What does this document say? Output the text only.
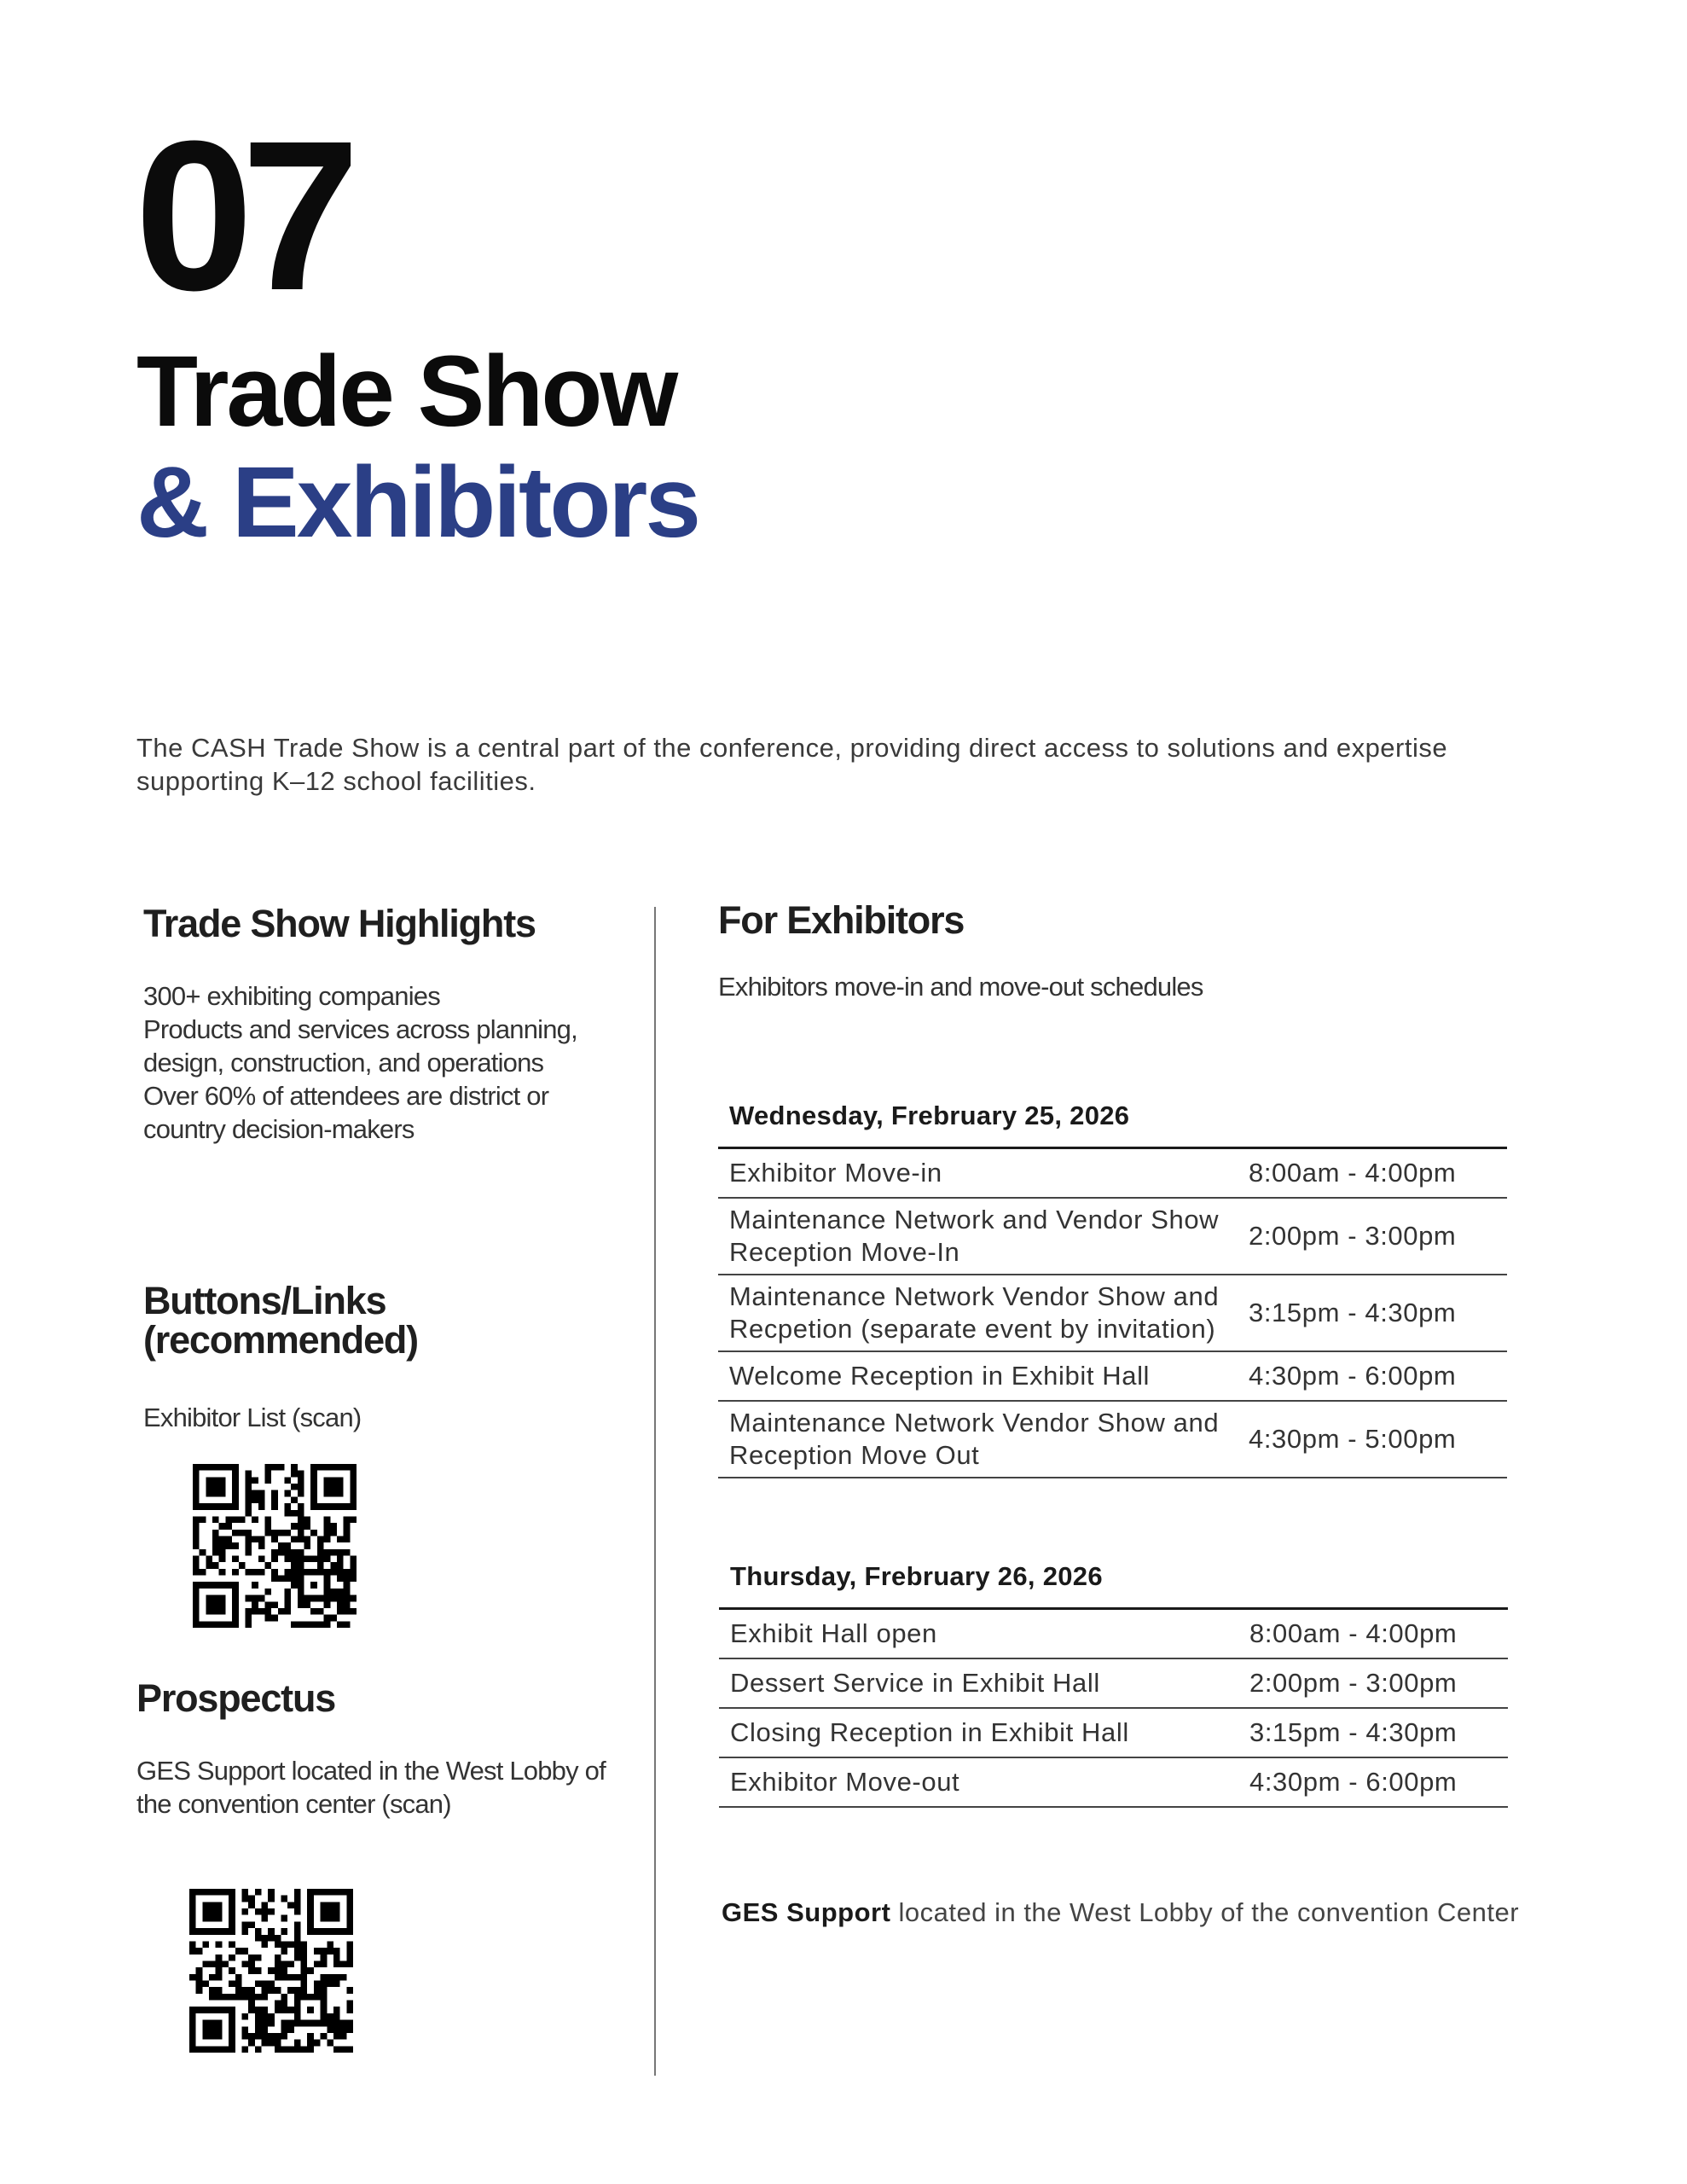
07
Trade Show
& Exhibitors
The CASH Trade Show is a central part of the conference, providing direct access to solutions and expertise supporting K–12 school facilities.
Trade Show Highlights
300+ exhibiting companies
Products and services across planning, design, construction, and operations
Over 60% of attendees are district or country decision-makers
Buttons/Links (recommended)
Exhibitor List (scan)
Prospectus
GES Support located in the West Lobby of the convention center (scan)
For Exhibitors
Exhibitors move-in and move-out schedules
Wednesday, Frebruary 25, 2026
Exhibitor Move-in	8:00am - 4:00pm
Maintenance Network and Vendor Show Reception Move-In	2:00pm - 3:00pm
Maintenance Network Vendor Show and Recpetion (separate event by invitation)	3:15pm - 4:30pm
Welcome Reception in Exhibit Hall	4:30pm - 6:00pm
Maintenance Network Vendor Show and Reception Move Out	4:30pm - 5:00pm
Thursday, Frebruary 26, 2026
Exhibit Hall open	8:00am - 4:00pm
Dessert Service in Exhibit Hall	2:00pm - 3:00pm
Closing Reception in Exhibit Hall	3:15pm - 4:30pm
Exhibitor Move-out	4:30pm - 6:00pm
GES Support located in the West Lobby of the convention Center
